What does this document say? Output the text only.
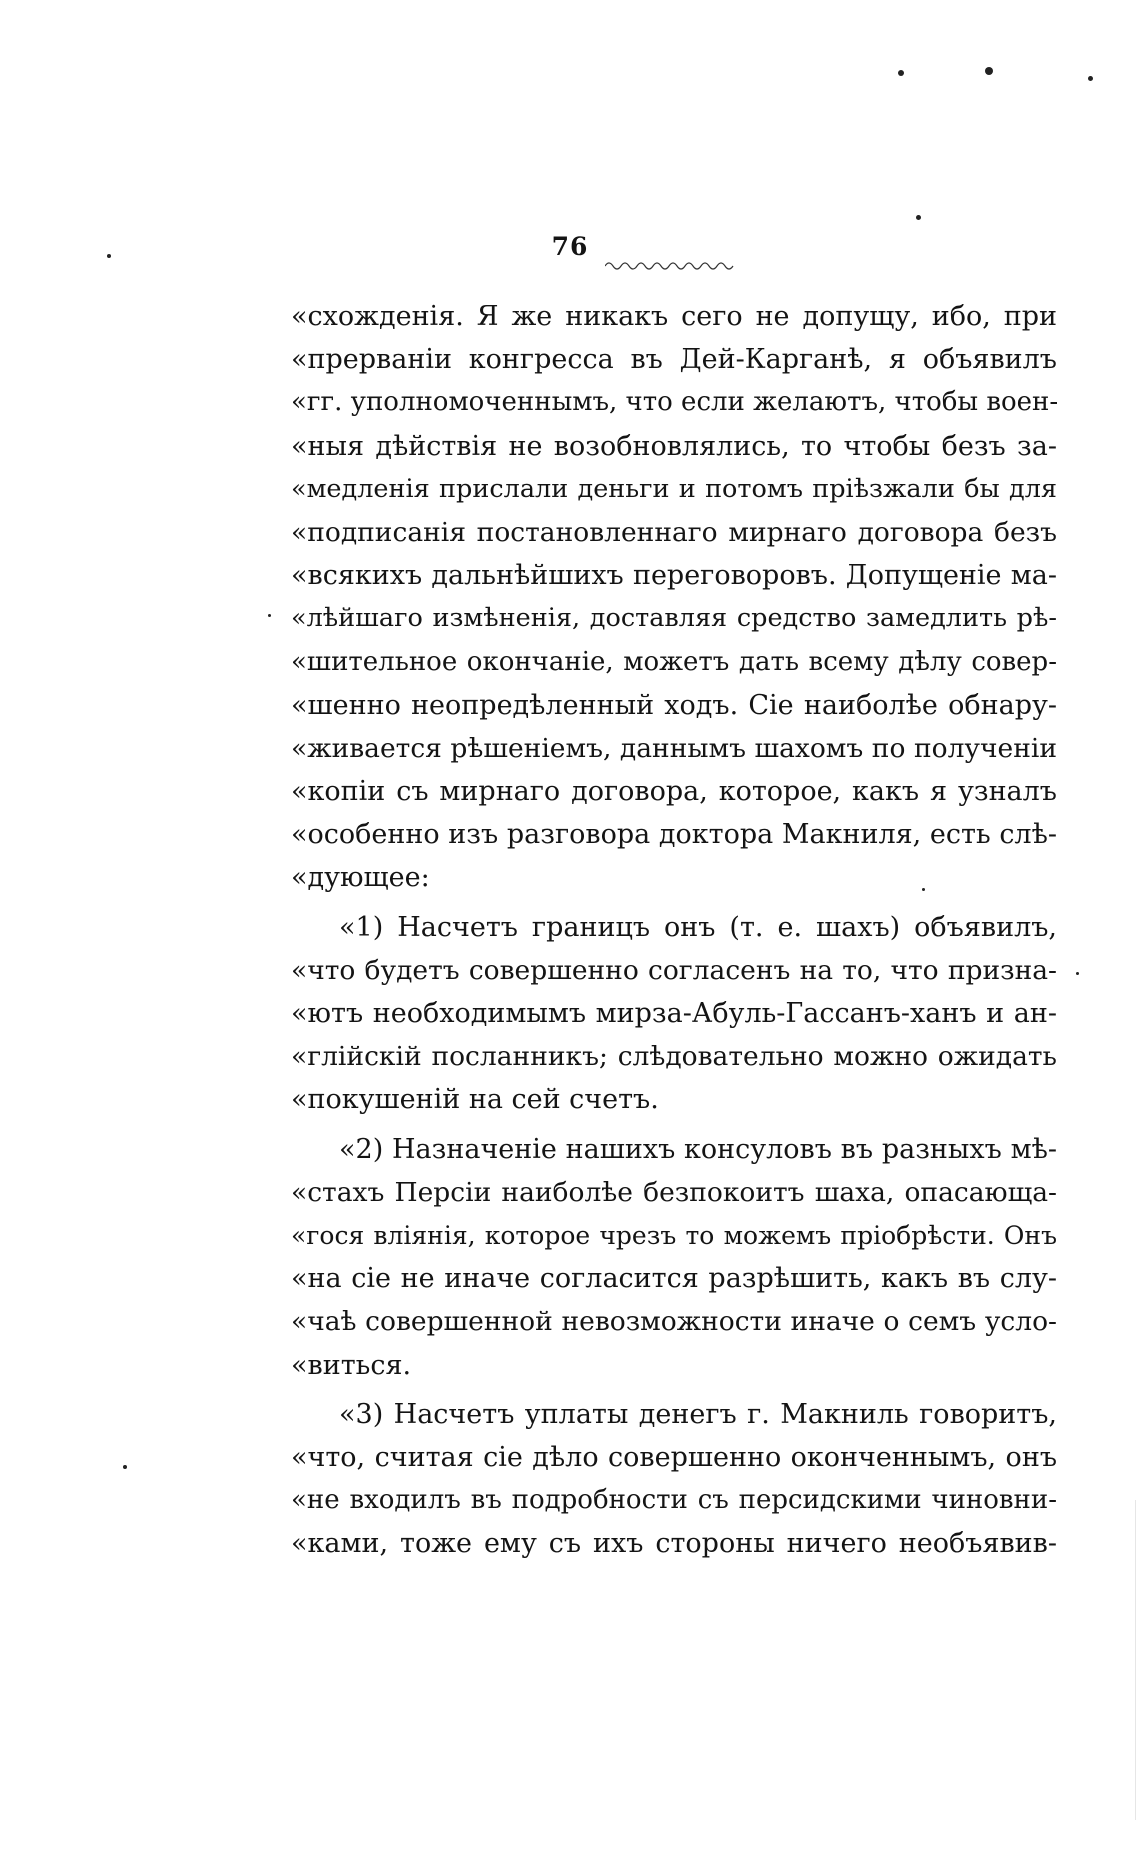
76
«схожденія. Я же никакъ сего не допущу, ибо, при
«прерваніи конгресса въ Дей-Карганѣ, я объявилъ
«гг. уполномоченнымъ, что если желаютъ, чтобы воен-
«ныя дѣйствія не возобновлялись, то чтобы безъ за-
«медленія прислали деньги и потомъ пріѣзжали бы для
«подписанія постановленнаго мирнаго договора безъ
«всякихъ дальнѣйшихъ переговоровъ. Допущеніе ма-
«лѣйшаго измѣненія, доставляя средство замедлить рѣ-
«шительное окончаніе, можетъ дать всему дѣлу совер-
«шенно неопредѣленный ходъ. Сіе наиболѣе обнару-
«живается рѣшеніемъ, даннымъ шахомъ по полученіи
«копіи съ мирнаго договора, которое, какъ я узналъ
«особенно изъ разговора доктора Макниля, есть слѣ-
«дующее:
«1) Насчетъ границъ онъ (т. е. шахъ) объявилъ,
«что будетъ совершенно согласенъ на то, что призна-
«ютъ необходимымъ мирза-Абуль-Гассанъ-ханъ и ан-
«глійскій посланникъ; слѣдовательно можно ожидать
«покушеній на сей счетъ.
«2) Назначеніе нашихъ консуловъ въ разныхъ мѣ-
«стахъ Персіи наиболѣе безпокоитъ шаха, опасающа-
«гося вліянія, которое чрезъ то можемъ пріобрѣсти. Онъ
«на сіе не иначе согласится разрѣшить, какъ въ слу-
«чаѣ совершенной невозможности иначе о семъ усло-
«виться.
«3) Насчетъ уплаты денегъ г. Макниль говоритъ,
«что, считая сіе дѣло совершенно оконченнымъ, онъ
«не входилъ въ подробности съ персидскими чиновни-
«ками, тоже ему съ ихъ стороны ничего необъявив-
